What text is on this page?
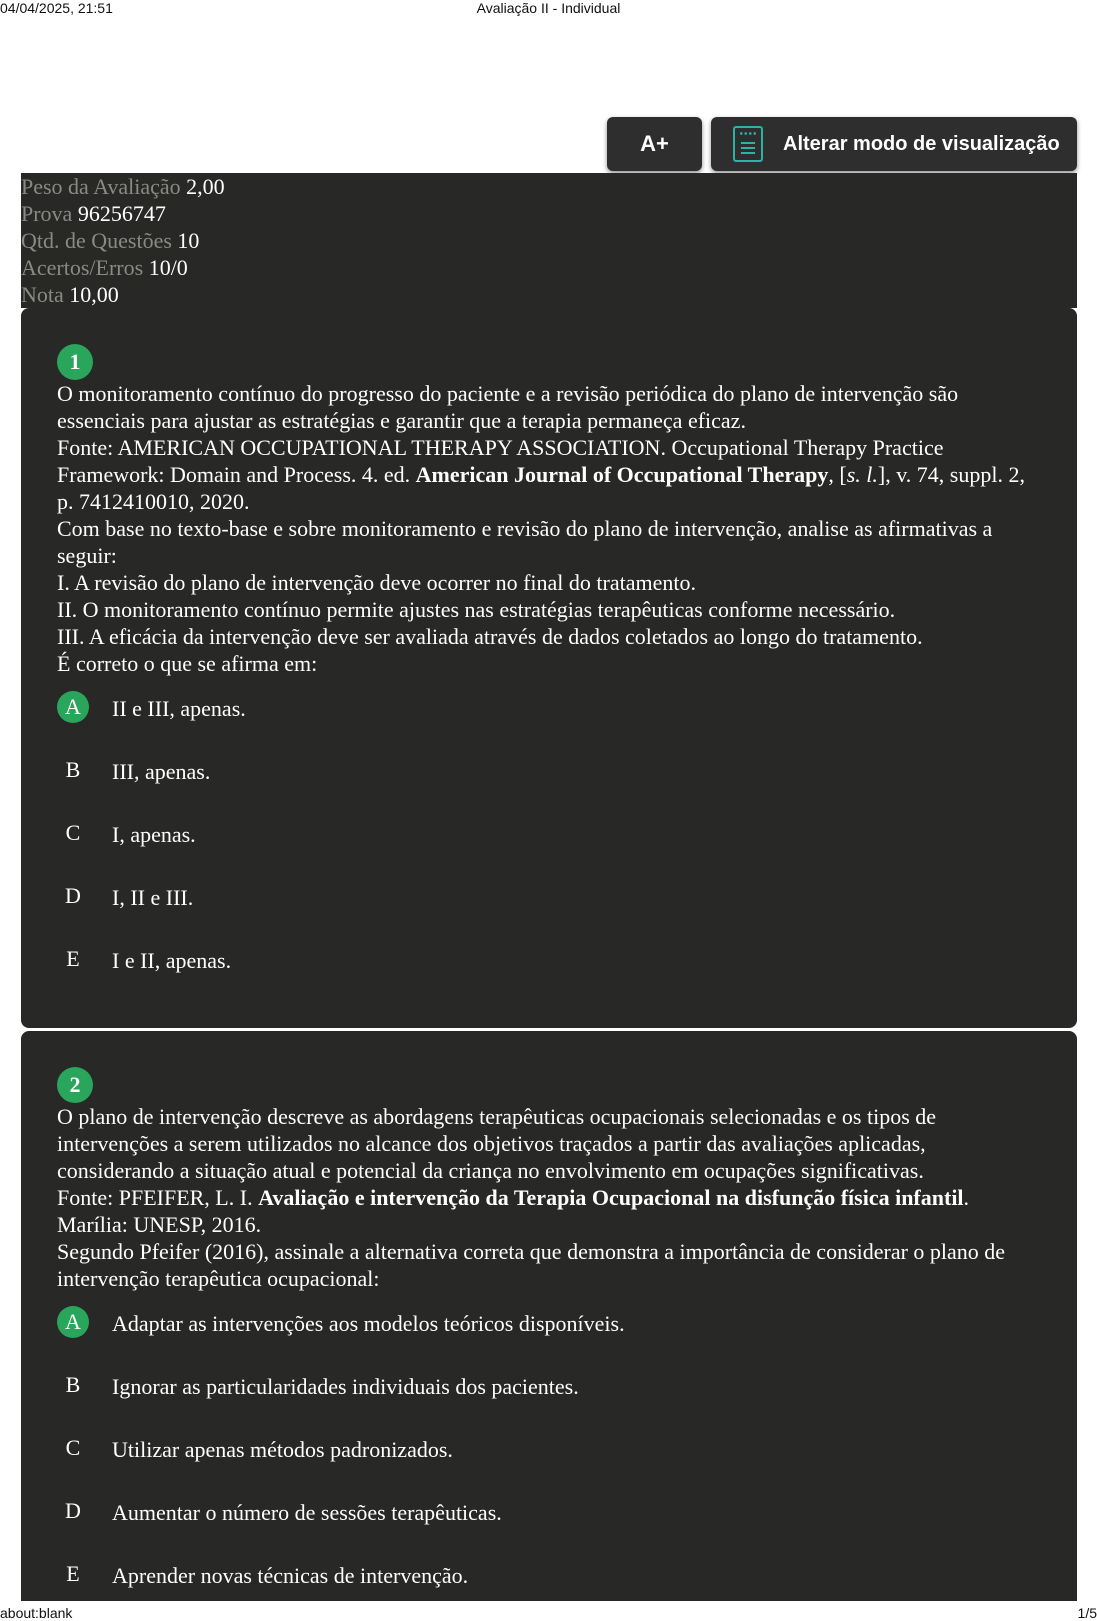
04/04/2025, 21:51	Avaliação II - Individual
A+	Alterar modo de visualização
Peso da Avaliação 2,00
Prova 96256747
Qtd. de Questões 10
Acertos/Erros 10/0
Nota 10,00
1

O monitoramento contínuo do progresso do paciente e a revisão periódica do plano de intervenção são essenciais para ajustar as estratégias e garantir que a terapia permaneça eficaz.

Fonte: AMERICAN OCCUPATIONAL THERAPY ASSOCIATION. Occupational Therapy Practice Framework: Domain and Process. 4. ed. American Journal of Occupational Therapy, [s. l.], v. 74, suppl. 2, p. 7412410010, 2020.

Com base no texto-base e sobre monitoramento e revisão do plano de intervenção, analise as afirmativas a seguir:

I. A revisão do plano de intervenção deve ocorrer no final do tratamento.

II. O monitoramento contínuo permite ajustes nas estratégias terapêuticas conforme necessário.

III. A eficácia da intervenção deve ser avaliada através de dados coletados ao longo do tratamento.

É correto o que se afirma em:

A	II e III, apenas.
B	III, apenas.
C	I, apenas.
D	I, II e III.
E	I e II, apenas.
2

O plano de intervenção descreve as abordagens terapêuticas ocupacionais selecionadas e os tipos de intervenções a serem utilizados no alcance dos objetivos traçados a partir das avaliações aplicadas, considerando a situação atual e potencial da criança no envolvimento em ocupações significativas.

Fonte: PFEIFER, L. I. Avaliação e intervenção da Terapia Ocupacional na disfunção física infantil. Marília: UNESP, 2016.

Segundo Pfeifer (2016), assinale a alternativa correta que demonstra a importância de considerar o plano de intervenção terapêutica ocupacional:

A	Adaptar as intervenções aos modelos teóricos disponíveis.
B	Ignorar as particularidades individuais dos pacientes.
C	Utilizar apenas métodos padronizados.
D	Aumentar o número de sessões terapêuticas.
E	Aprender novas técnicas de intervenção.
about:blank	1/5
